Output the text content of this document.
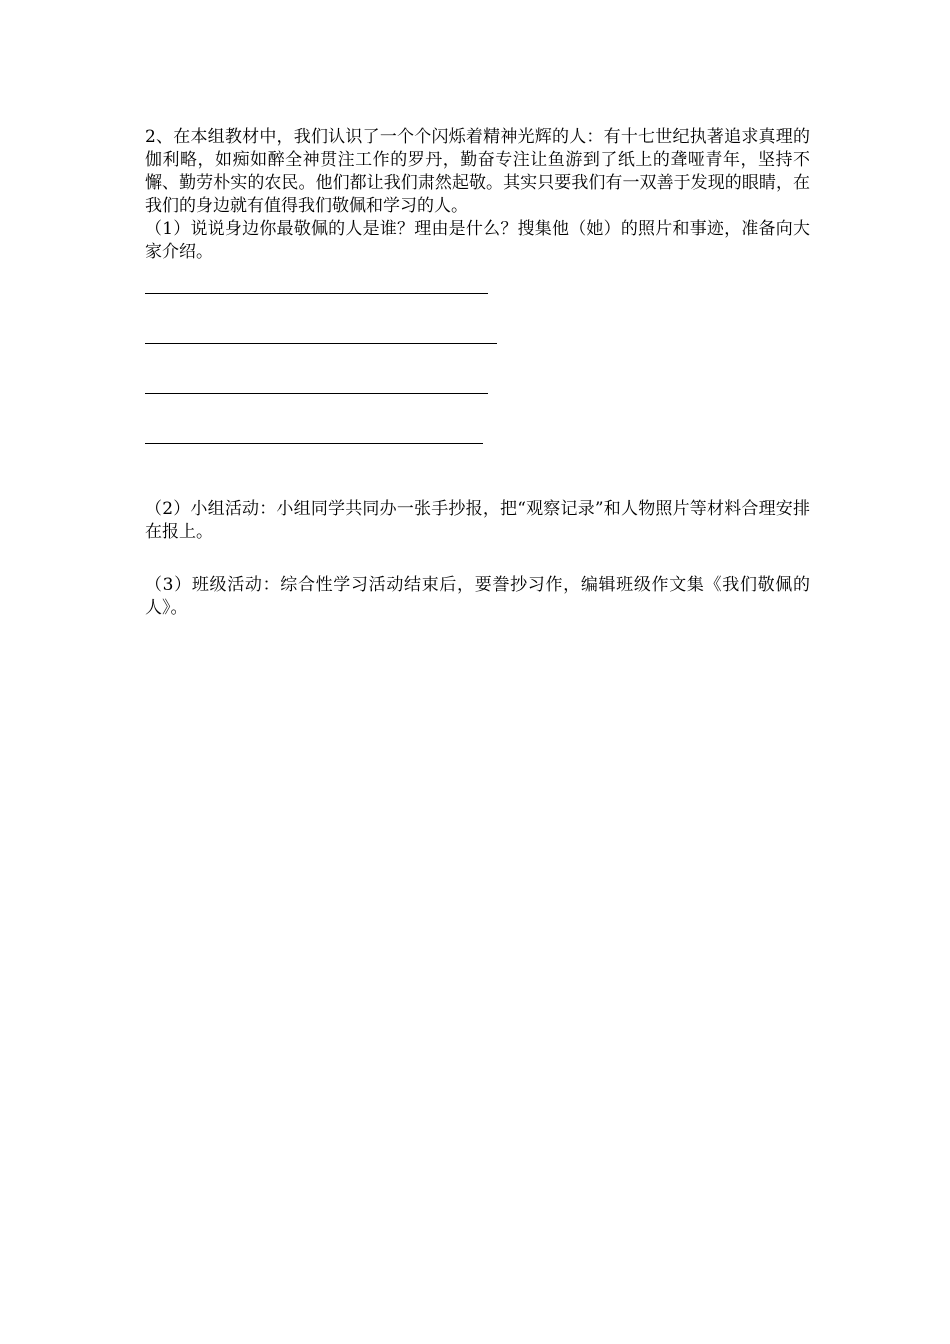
2、在本组教材中，我们认识了一个个闪烁着精神光辉的人：有十七世纪执著追求真理的伽利略，如痴如醉全神贯注工作的罗丹，勤奋专注让鱼游到了纸上的聋哑青年，坚持不懈、勤劳朴实的农民。他们都让我们肃然起敬。其实只要我们有一双善于发现的眼睛，在我们的身边就有值得我们敬佩和学习的人。

（1）说说身边你最敬佩的人是谁？理由是什么？搜集他（她）的照片和事迹，准备向大家介绍。

（2）小组活动：小组同学共同办一张手抄报，把“观察记录”和人物照片等材料合理安排在报上。

（3）班级活动：综合性学习活动结束后，要誊抄习作，编辑班级作文集《我们敬佩的人》。
